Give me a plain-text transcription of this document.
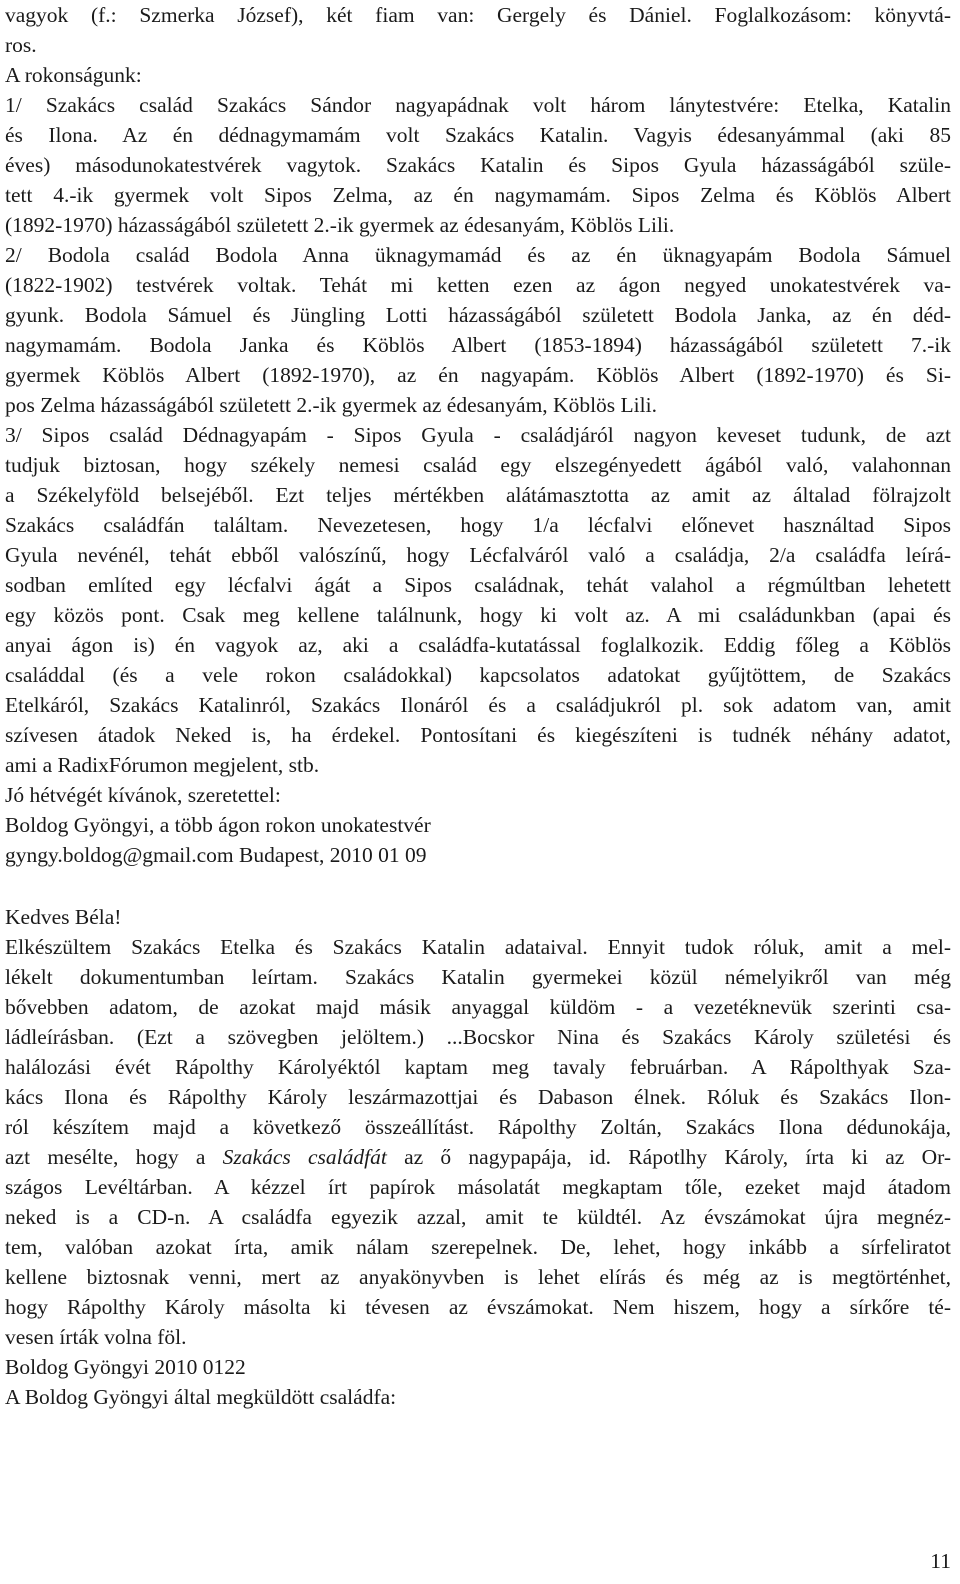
vagyok (f.: Szmerka József), két fiam van: Gergely és Dániel. Foglalkozásom: könyvtá-
ros.
A rokonságunk:
1/ Szakács család Szakács Sándor nagyapádnak volt három lánytestvére: Etelka, Katalin
és Ilona. Az én dédnagymamám volt Szakács Katalin. Vagyis édesanyámmal (aki 85
éves) másodunokatestvérek vagytok. Szakács Katalin és Sipos Gyula házasságából szüle-
tett 4.-ik gyermek volt Sipos Zelma, az én nagymamám. Sipos Zelma és Köblös Albert
(1892-1970) házasságából született 2.-ik gyermek az édesanyám, Köblös Lili.
2/ Bodola család Bodola Anna üknagymamád és az én üknagyapám Bodola Sámuel
(1822-1902) testvérek voltak. Tehát mi ketten ezen az ágon negyed unokatestvérek va-
gyunk. Bodola Sámuel és Jüngling Lotti házasságából született Bodola Janka, az én déd-
nagymamám. Bodola Janka és Köblös Albert (1853-1894) házasságából született 7.-ik
gyermek Köblös Albert (1892-1970), az én nagyapám. Köblös Albert (1892-1970) és Si-
pos Zelma házasságából született 2.-ik gyermek az édesanyám, Köblös Lili.
3/ Sipos család Dédnagyapám - Sipos Gyula - családjáról nagyon keveset tudunk, de azt
tudjuk biztosan, hogy székely nemesi család egy elszegényedett ágából való, valahonnan
a Székelyföld belsejéből. Ezt teljes mértékben alátámasztotta az amit az általad fölrajzolt
Szakács családfán találtam. Nevezetesen, hogy 1/a lécfalvi előnevet használtad Sipos
Gyula nevénél, tehát ebből valószínű, hogy Lécfalváról való a családja, 2/a családfa leírá-
sodban említed egy lécfalvi ágát a Sipos családnak, tehát valahol a régmúltban lehetett
egy közös pont. Csak meg kellene találnunk, hogy ki volt az. A mi családunkban (apai és
anyai ágon is) én vagyok az, aki a családfa-kutatással foglalkozik. Eddig főleg a Köblös
családdal (és a vele rokon családokkal) kapcsolatos adatokat gyűjtöttem, de Szakács
Etelkáról, Szakács Katalinról, Szakács Ilonáról és a családjukról pl. sok adatom van, amit
szívesen átadok Neked is, ha érdekel. Pontosítani és kiegészíteni is tudnék néhány adatot,
ami a RadixFórumon megjelent, stb.
Jó hétvégét kívánok, szeretettel:
Boldog Gyöngyi, a több ágon rokon unokatestvér
gyngy.boldog@gmail.com Budapest, 2010 01 09
Kedves Béla!
Elkészültem Szakács Etelka és Szakács Katalin adataival. Ennyit tudok róluk, amit a mel-
lékelt dokumentumban leírtam. Szakács Katalin gyermekei közül némelyikről van még
bővebben adatom, de azokat majd másik anyaggal küldöm - a vezetéknevük szerinti csa-
ládleírásban. (Ezt a szövegben jelöltem.) ...Bocskor Nina és Szakács Károly születési és
halálozási évét Rápolthy Károlyéktól kaptam meg tavaly februárban. A Rápolthyak Sza-
kács Ilona és Rápolthy Károly leszármazottjai és Dabason élnek. Róluk és Szakács Ilon-
ról készítem majd a következő összeállítást. Rápolthy Zoltán, Szakács Ilona dédunokája,
azt mesélte, hogy a Szakács családfát az ő nagypapája, id. Rápotlhy Károly, írta ki az Or-
szágos Levéltárban. A kézzel írt papírok másolatát megkaptam tőle, ezeket majd átadom
neked is a CD-n. A családfa egyezik azzal, amit te küldtél. Az évszámokat újra megnéz-
tem, valóban azokat írta, amik nálam szerepelnek. De, lehet, hogy inkább a sírfeliratot
kellene biztosnak venni, mert az anyakönyvben is lehet elírás és még az is megtörténhet,
hogy Rápolthy Károly másolta ki tévesen az évszámokat. Nem hiszem, hogy a sírkőre té-
vesen írták volna föl.
Boldog Gyöngyi 2010 0122
A Boldog Gyöngyi által megküldött családfa:
11
